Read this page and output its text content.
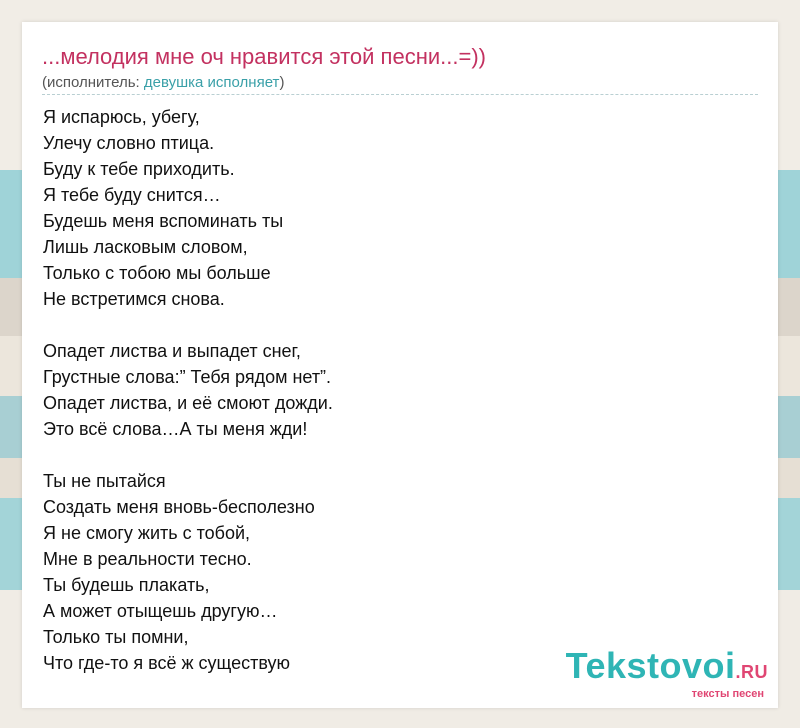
...мелодия мне оч нравится этой песни...=))
(исполнитель: девушка исполняет)
Я испарюсь, убегу,
Улечу словно птица.
Буду к тебе приходить.
Я тебе буду снится…
Будешь меня вспоминать ты
Лишь ласковым словом,
Только с тобою мы больше
Не встретимся снова.
Опадет листва и выпадет снег,
Грустные слова:” Тебя рядом нет”.
Опадет листва, и её смоют дожди.
Это всё слова…А ты меня жди!
Ты не пытайся
Создать меня вновь-бесполезно
Я не смогу жить с тобой,
Мне в реальности тесно.
Ты будешь плакать,
А может отыщешь другую…
Только ты помни,
Что где-то я всё ж существую	Tekstovoi.RU
тексты песен
